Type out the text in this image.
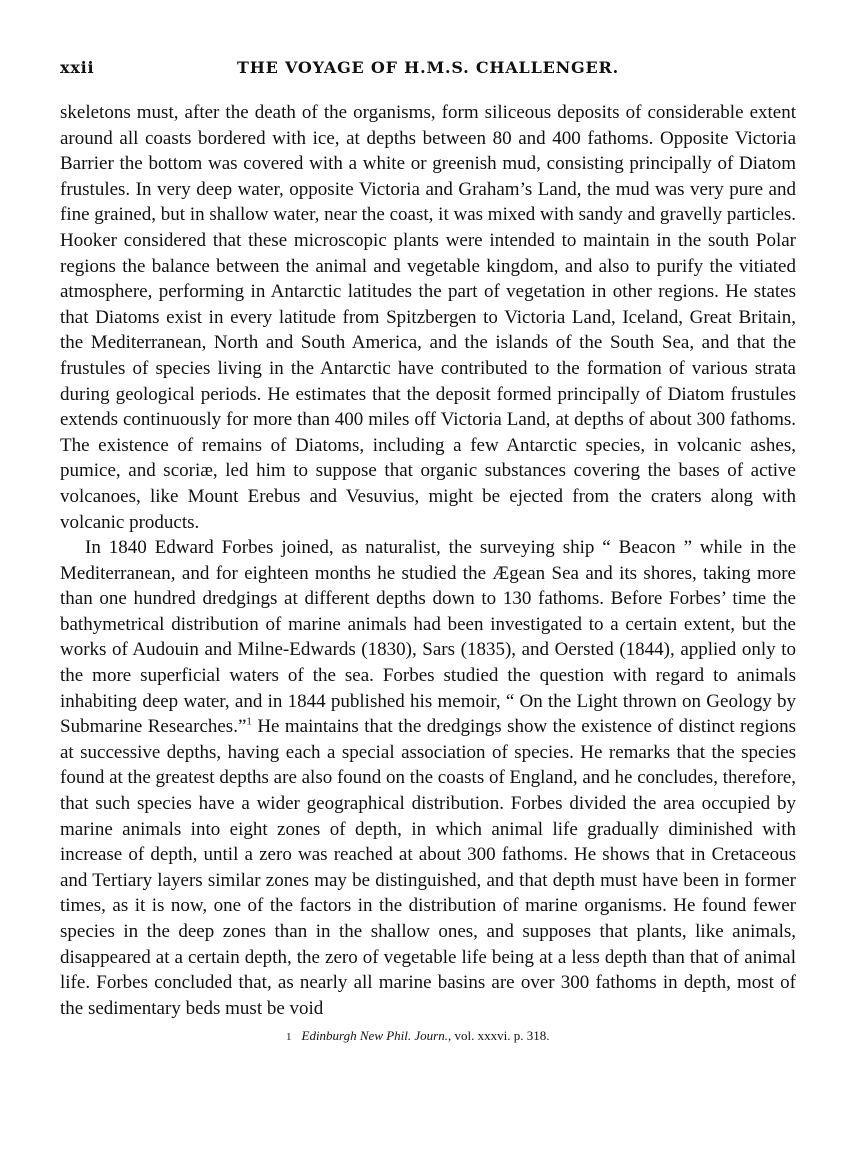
xxii	THE VOYAGE OF H.M.S. CHALLENGER.

skeletons must, after the death of the organisms, form siliceous deposits of considerable extent around all coasts bordered with ice, at depths between 80 and 400 fathoms. Opposite Victoria Barrier the bottom was covered with a white or greenish mud, consisting principally of Diatom frustules. In very deep water, opposite Victoria and Graham’s Land, the mud was very pure and fine grained, but in shallow water, near the coast, it was mixed with sandy and gravelly particles. Hooker considered that these microscopic plants were intended to maintain in the south Polar regions the balance between the animal and vegetable kingdom, and also to purify the vitiated atmosphere, performing in Antarctic latitudes the part of vegetation in other regions. He states that Diatoms exist in every latitude from Spitzbergen to Victoria Land, Iceland, Great Britain, the Mediterranean, North and South America, and the islands of the South Sea, and that the frustules of species living in the Antarctic have contributed to the formation of various strata during geological periods. He estimates that the deposit formed principally of Diatom frustules extends continuously for more than 400 miles off Victoria Land, at depths of about 300 fathoms. The existence of remains of Diatoms, including a few Antarctic species, in volcanic ashes, pumice, and scoriæ, led him to suppose that organic substances covering the bases of active volcanoes, like Mount Erebus and Vesuvius, might be ejected from the craters along with volcanic products.

In 1840 Edward Forbes joined, as naturalist, the surveying ship “ Beacon ” while in the Mediterranean, and for eighteen months he studied the Ægean Sea and its shores, taking more than one hundred dredgings at different depths down to 130 fathoms. Before Forbes’ time the bathymetrical distribution of marine animals had been investigated to a certain extent, but the works of Audouin and Milne-Edwards (1830), Sars (1835), and Oersted (1844), applied only to the more superficial waters of the sea. Forbes studied the question with regard to animals inhabiting deep water, and in 1844 published his memoir, “ On the Light thrown on Geology by Submarine Researches.”$^1$ He maintains that the dredgings show the existence of distinct regions at successive depths, having each a special association of species. He remarks that the species found at the greatest depths are also found on the coasts of England, and he concludes, therefore, that such species have a wider geographical distribution. Forbes divided the area occupied by marine animals into eight zones of depth, in which animal life gradually diminished with increase of depth, until a zero was reached at about 300 fathoms. He shows that in Cretaceous and Tertiary layers similar zones may be distinguished, and that depth must have been in former times, as it is now, one of the factors in the distribution of marine organisms. He found fewer species in the deep zones than in the shallow ones, and supposes that plants, like animals, disappeared at a certain depth, the zero of vegetable life being at a less depth than that of animal life. Forbes concluded that, as nearly all marine basins are over 300 fathoms in depth, most of the sedimentary beds must be void

1 Edinburgh New Phil. Journ., vol. xxxvi. p. 318.
